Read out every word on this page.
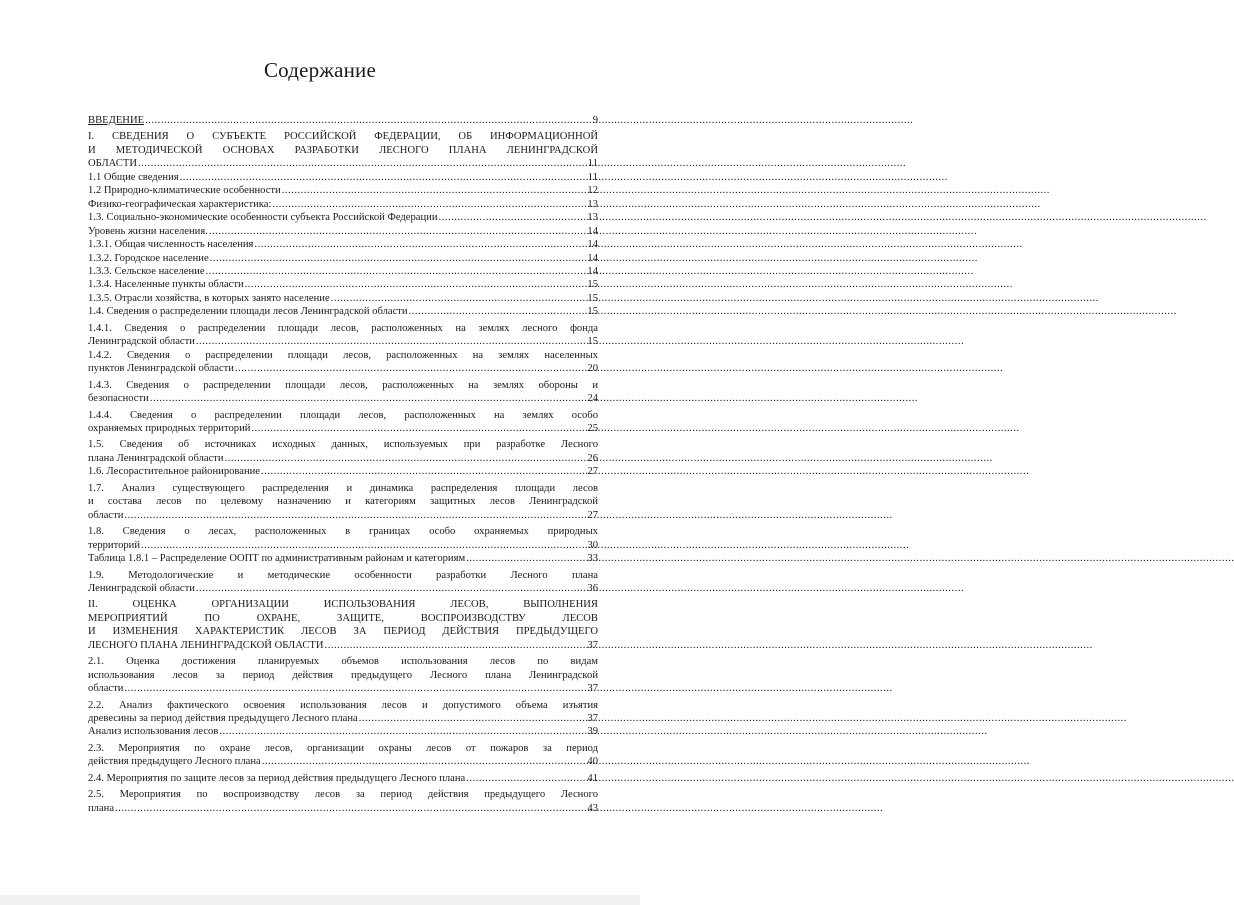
Содержание
ВВЕДЕНИЕ .....	9
I. СВЕДЕНИЯ О СУБЪЕКТЕ РОССИЙСКОЙ ФЕДЕРАЦИИ, ОБ ИНФОРМАЦИОННОЙ
И МЕТОДИЧЕСКОЙ ОСНОВАХ РАЗРАБОТКИ ЛЕСНОГО ПЛАНА ЛЕНИНГРАДСКОЙ
ОБЛАСТИ .....	11
1.1 Общие сведения .....	11
1.2 Природно-климатические особенности .....	12
Физико-географическая характеристика: .....	13
1.3. Социально-экономические особенности субъекта Российской Федерации .....	13
Уровень жизни населения. .....	14
1.3.1. Общая численность населения .....	14
1.3.2. Городское население .....	14
1.3.3. Сельское население .....	14
1.3.4. Населенные пункты области .....	15
1.3.5. Отрасли хозяйства, в которых занято население .....	15
1.4. Сведения о распределении площади лесов Ленинградской области .....	15
1.4.1. Сведения о распределении площади лесов, расположенных на землях лесного фонда
Ленинградской области .....	15
1.4.2. Сведения о распределении площади лесов, расположенных на землях населенных
пунктов Ленинградской области .....	20
1.4.3. Сведения о распределении площади лесов, расположенных на землях обороны и
безопасности .....	24
1.4.4. Сведения о распределении площади лесов, расположенных на землях особо
охраняемых природных территорий .....	25
1.5. Сведения об источниках исходных данных, используемых при разработке Лесного
плана Ленинградской области .....	26
1.6. Лесорастительное районирование .....	27
1.7. Анализ существующего распределения и динамика распределения площади лесов
и состава лесов по целевому назначению и категориям защитных лесов Ленинградской
области .....	27
1.8. Сведения о лесах, расположенных в границах особо охраняемых природных
территорий .....	30
Таблица 1.8.1 – Распределение ООПТ по административным районам и категориям .....	33
1.9. Методологические и методические особенности разработки Лесного плана
Ленинградской области .....	36
II. ОЦЕНКА ОРГАНИЗАЦИИ ИСПОЛЬЗОВАНИЯ ЛЕСОВ, ВЫПОЛНЕНИЯ
МЕРОПРИЯТИЙ ПО ОХРАНЕ, ЗАЩИТЕ, ВОСПРОИЗВОДСТВУ ЛЕСОВ
И ИЗМЕНЕНИЯ ХАРАКТЕРИСТИК ЛЕСОВ ЗА ПЕРИОД ДЕЙСТВИЯ ПРЕДЫДУЩЕГО
ЛЕСНОГО ПЛАНА ЛЕНИНГРАДСКОЙ ОБЛАСТИ .....	37
2.1. Оценка достижения планируемых объемов использования лесов по видам
использования лесов за период действия предыдущего Лесного плана Ленинградской
области .....	37
2.2. Анализ фактического освоения использования лесов и допустимого объема изъятия
древесины за период действия предыдущего Лесного плана .....	37
Анализ использования лесов .....	39
2.3. Мероприятия по охране лесов, организации охраны лесов от пожаров за период
действия предыдущего Лесного плана .....	40
2.4. Мероприятия по защите лесов за период действия предыдущего Лесного плана .....	41
2.5. Мероприятия по воспроизводству лесов за период действия предыдущего Лесного
плана .....	43
